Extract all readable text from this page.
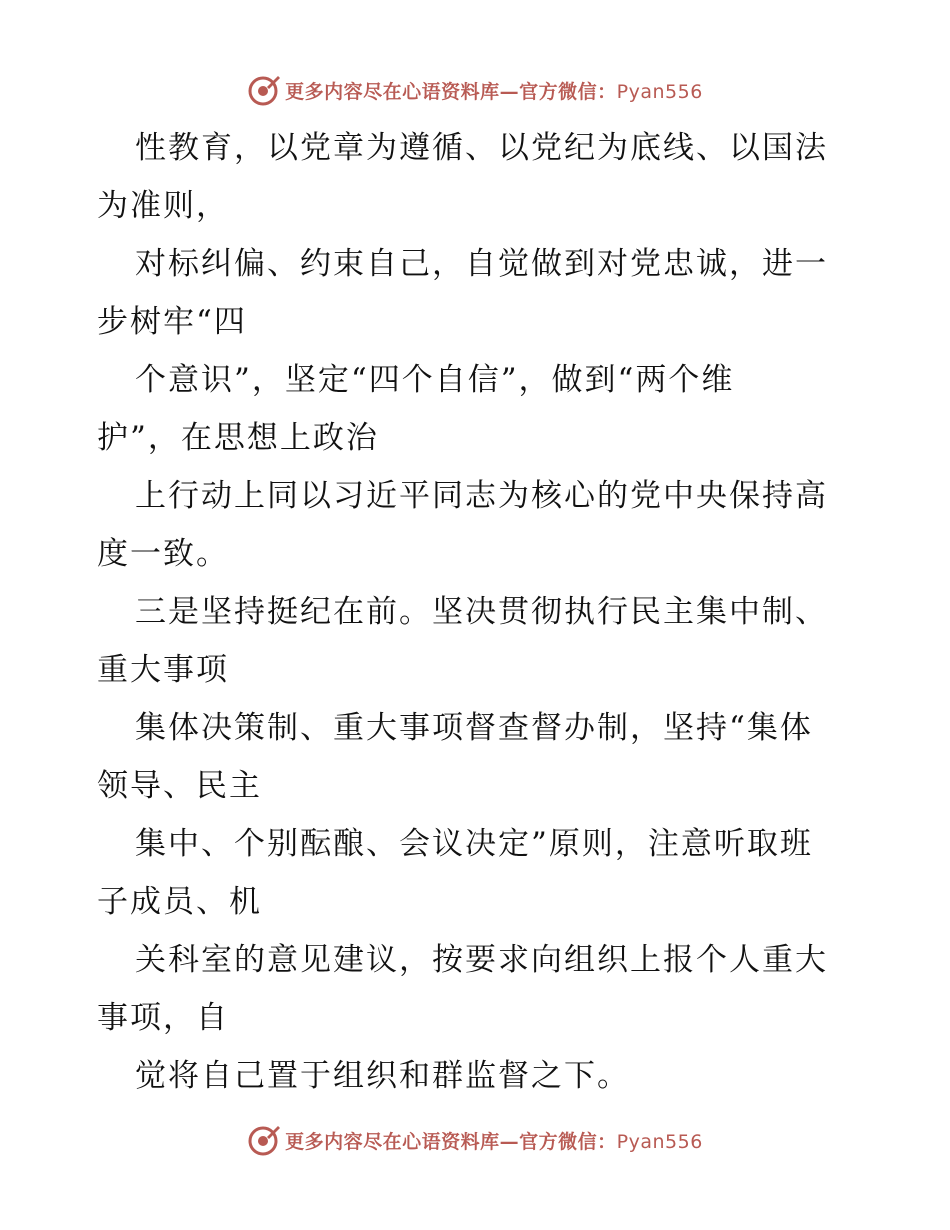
更多内容尽在心语资料库—官方微信：Pyan556
性教育，以党章为遵循、以党纪为底线、以国法
为准则，
对标纠偏、约束自己，自觉做到对党忠诚，进一
步树牢“四
个意识”，坚定“四个自信”，做到“两个维
护”，在思想上政治
上行动上同以习近平同志为核心的党中央保持高
度一致。
三是坚持挺纪在前。坚决贯彻执行民主集中制、
重大事项
集体决策制、重大事项督查督办制，坚持“集体
领导、民主
集中、个别酝酿、会议决定”原则，注意听取班
子成员、机
关科室的意见建议，按要求向组织上报个人重大
事项，自
觉将自己置于组织和群监督之下。
更多内容尽在心语资料库—官方微信：Pyan556
